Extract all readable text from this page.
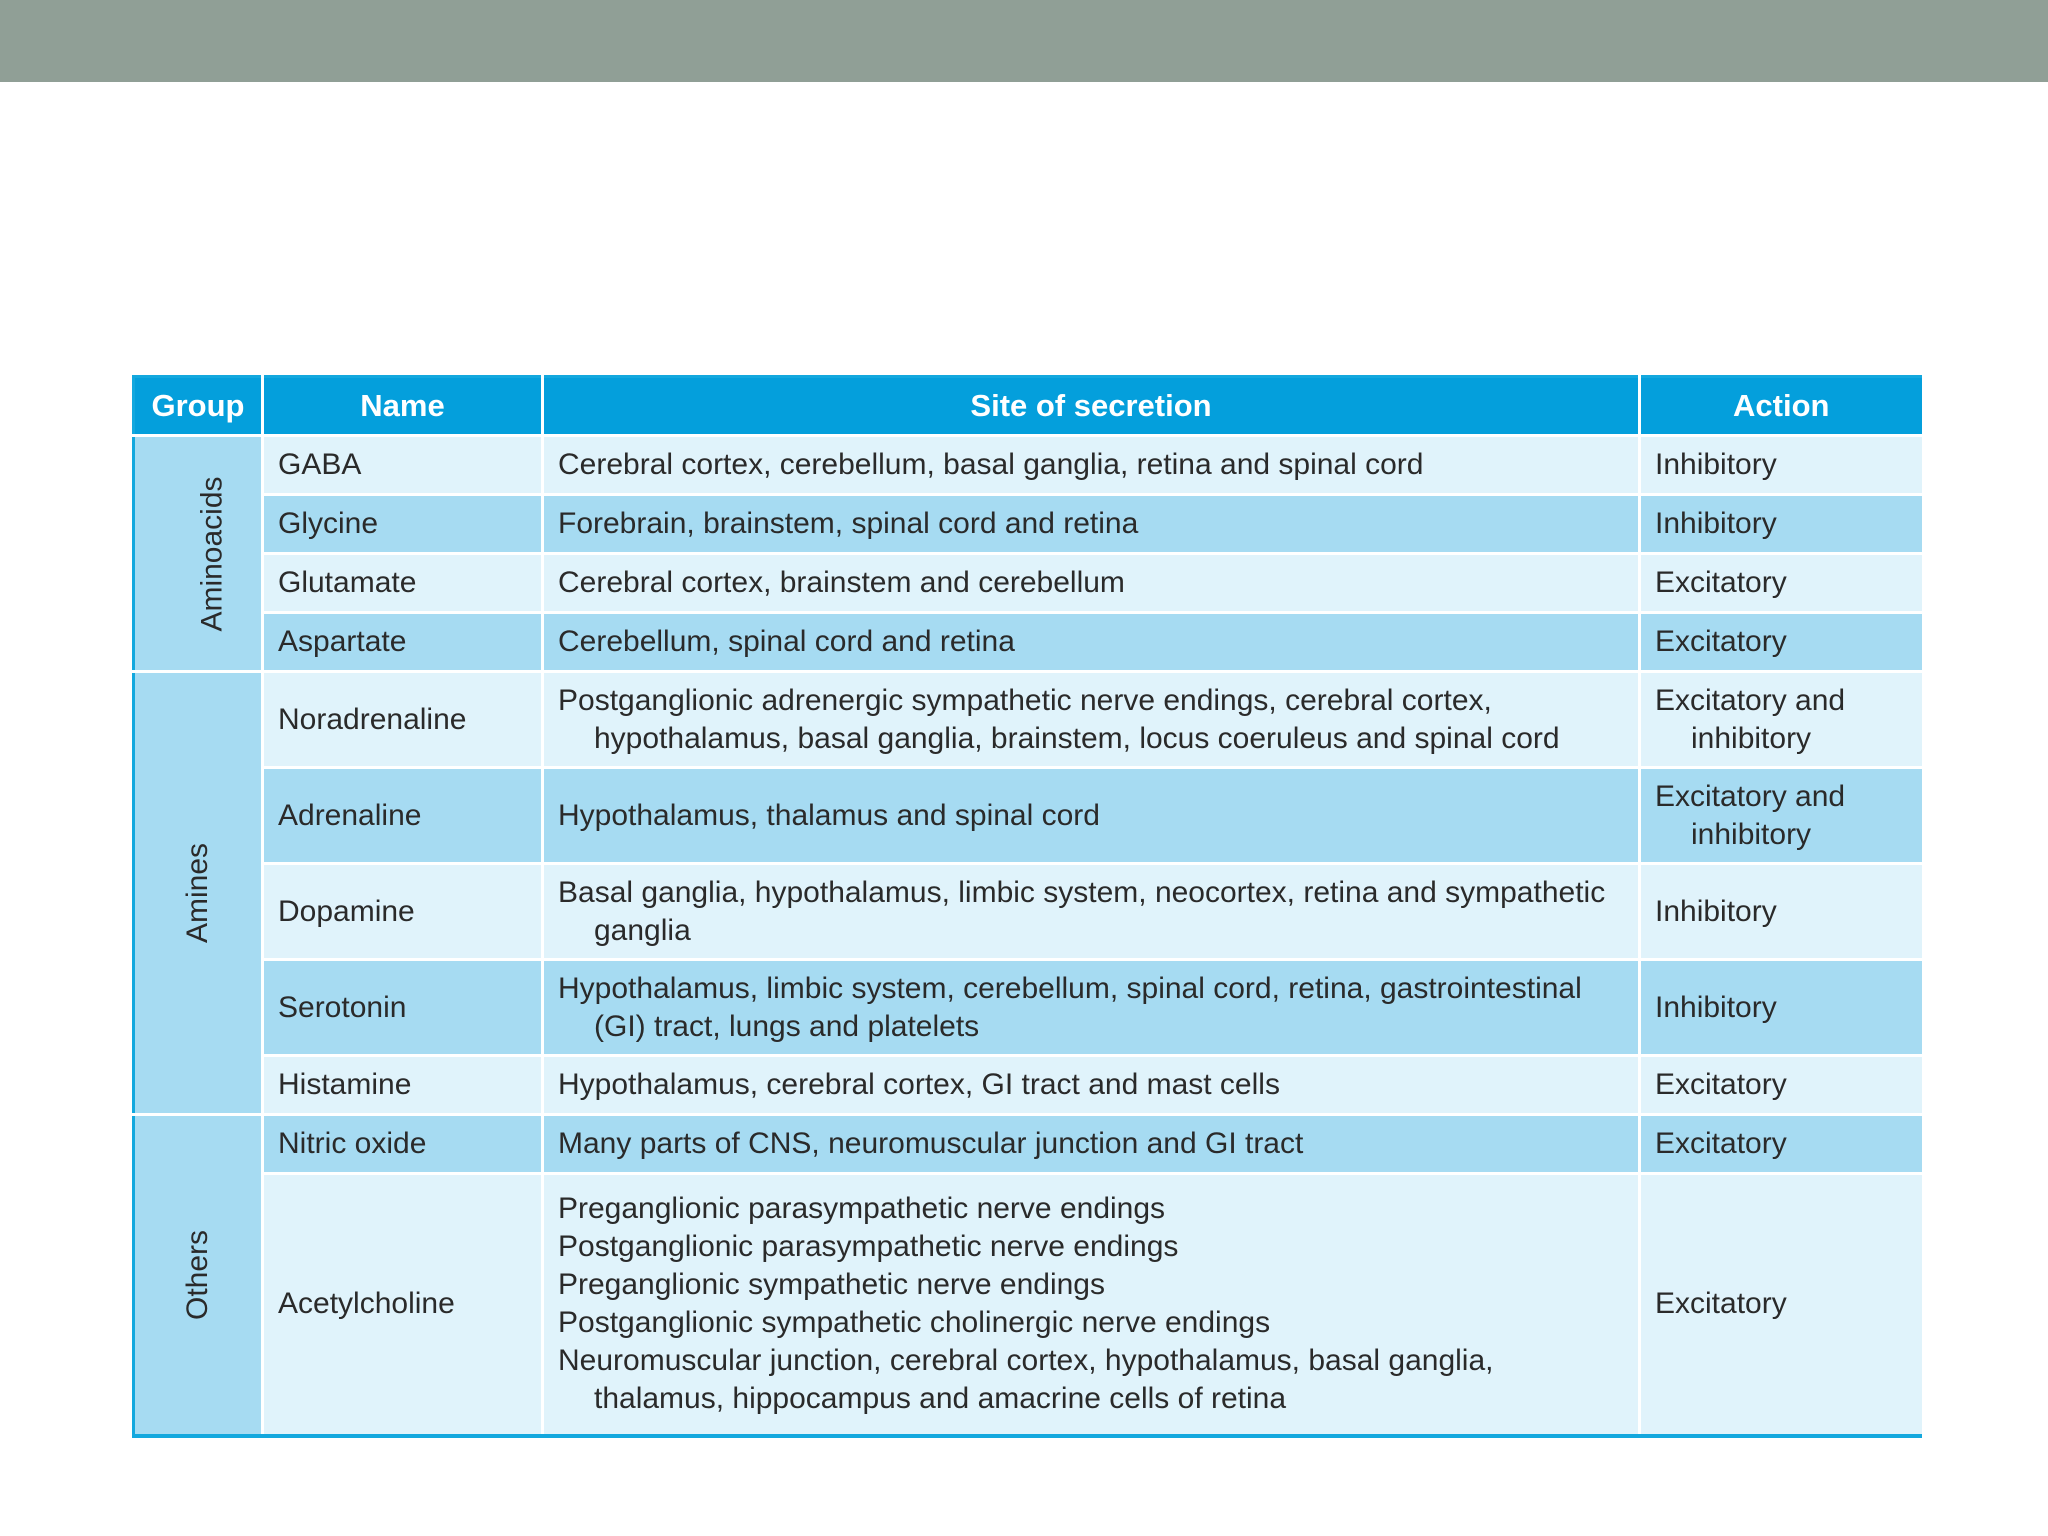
Group	Name	Site of secretion	Action
Aminoacids	GABA	Cerebral cortex, cerebellum, basal ganglia, retina and spinal cord	Inhibitory

	Glycine	Forebrain, brainstem, spinal cord and retina	Inhibitory

	Glutamate	Cerebral cortex, brainstem and cerebellum	Excitatory

	Aspartate	Cerebellum, spinal cord and retina	Excitatory

Amines	Noradrenaline	Postganglionic adrenergic sympathetic nerve endings, cerebral cortex, hypothalamus, basal ganglia, brainstem, locus coeruleus and spinal cord	Excitatory and inhibitory

	Adrenaline	Hypothalamus, thalamus and spinal cord	Excitatory and inhibitory

	Dopamine	Basal ganglia, hypothalamus, limbic system, neocortex, retina and sympathetic ganglia	Inhibitory

	Serotonin	Hypothalamus, limbic system, cerebellum, spinal cord, retina, gastrointestinal (GI) tract, lungs and platelets	Inhibitory

	Histamine	Hypothalamus, cerebral cortex, GI tract and mast cells	Excitatory

Others	Nitric oxide	Many parts of CNS, neuromuscular junction and GI tract	Excitatory

	Acetylcholine	Preganglionic parasympathetic nerve endings
Postganglionic parasympathetic nerve endings
Preganglionic sympathetic nerve endings
Postganglionic sympathetic cholinergic nerve endings
Neuromuscular junction, cerebral cortex, hypothalamus, basal ganglia, thalamus, hippocampus and amacrine cells of retina	Excitatory
